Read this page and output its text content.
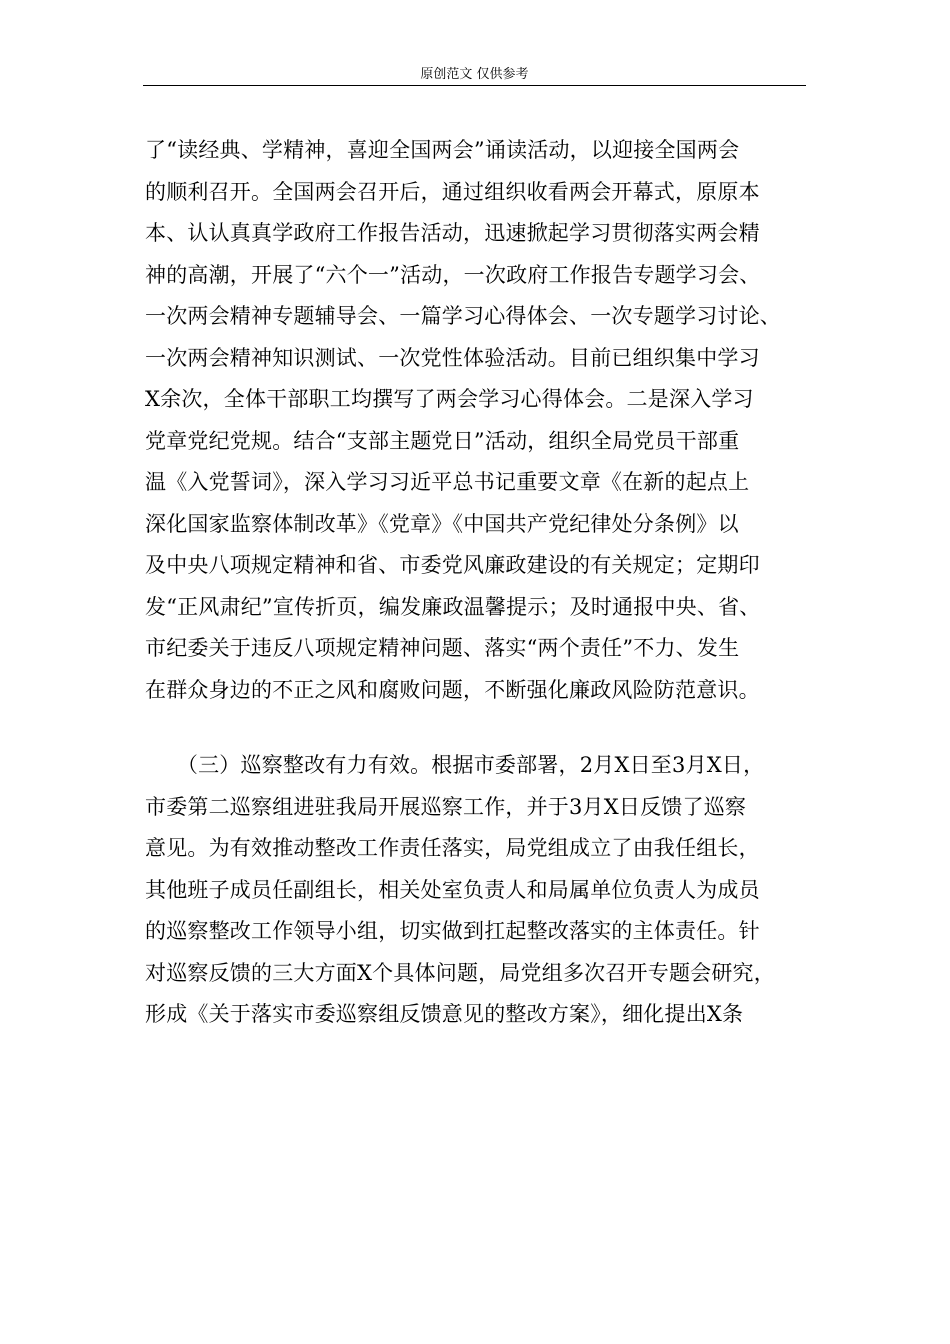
原创范文 仅供参考
了“读经典、学精神，喜迎全国两会”诵读活动，以迎接全国两会
的顺利召开。全国两会召开后，通过组织收看两会开幕式，原原本
本、认认真真学政府工作报告活动，迅速掀起学习贯彻落实两会精
神的高潮，开展了“六个一”活动，一次政府工作报告专题学习会、
一次两会精神专题辅导会、一篇学习心得体会、一次专题学习讨论、
一次两会精神知识测试、一次党性体验活动。目前已组织集中学习
X余次，全体干部职工均撰写了两会学习心得体会。二是深入学习
党章党纪党规。结合“支部主题党日”活动，组织全局党员干部重
温《入党誓词》，深入学习习近平总书记重要文章《在新的起点上
深化国家监察体制改革》《党章》《中国共产党纪律处分条例》以
及中央八项规定精神和省、市委党风廉政建设的有关规定；定期印
发“正风肃纪”宣传折页，编发廉政温馨提示；及时通报中央、省、
市纪委关于违反八项规定精神问题、落实“两个责任”不力、发生
在群众身边的不正之风和腐败问题，不断强化廉政风险防范意识。
　　（三）巡察整改有力有效。根据市委部署，2月X日至3月X日，
市委第二巡察组进驻我局开展巡察工作，并于3月X日反馈了巡察
意见。为有效推动整改工作责任落实，局党组成立了由我任组长，
其他班子成员任副组长，相关处室负责人和局属单位负责人为成员
的巡察整改工作领导小组，切实做到扛起整改落实的主体责任。针
对巡察反馈的三大方面X个具体问题，局党组多次召开专题会研究，
形成《关于落实市委巡察组反馈意见的整改方案》，细化提出X条
